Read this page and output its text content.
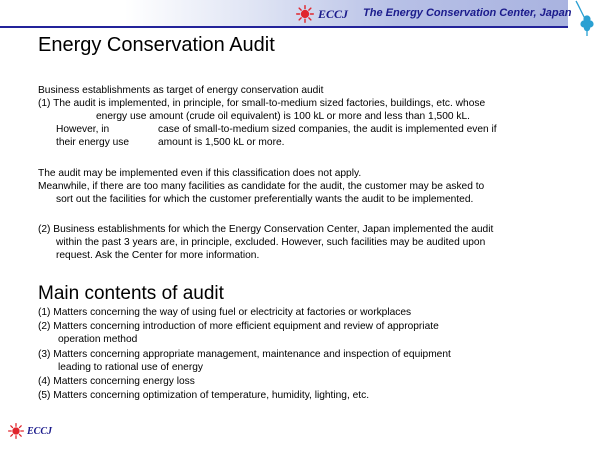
ECCJ The Energy Conservation Center, Japan
Energy Conservation Audit
Business establishments as target of energy conservation audit
(1) The audit is implemented, in principle, for small-to-medium sized factories, buildings, etc. whose
energy use amount (crude oil equivalent) is 100 kL or more and less than 1,500 kL.
However, in	case of small-to-medium sized companies, the audit is implemented even if
their energy use	amount is 1,500 kL or more.
The audit may be implemented even if this classification does not apply.
Meanwhile, if there are too many facilities as candidate for the audit, the customer may be asked to
sort out the facilities for which the customer preferentially wants the audit to be implemented.
(2) Business establishments for which the Energy Conservation Center, Japan implemented the audit
within the past 3 years are, in principle, excluded. However, such facilities may be audited upon
request. Ask the Center for more information.
Main contents of audit
(1) Matters concerning the way of using fuel or electricity at factories or workplaces
(2) Matters concerning introduction of more efficient equipment and review of appropriate
operation method
(3) Matters concerning appropriate management, maintenance and inspection of equipment
leading to rational use of energy
(4) Matters concerning energy loss
(5) Matters concerning optimization of temperature, humidity, lighting, etc.
ECCJ
